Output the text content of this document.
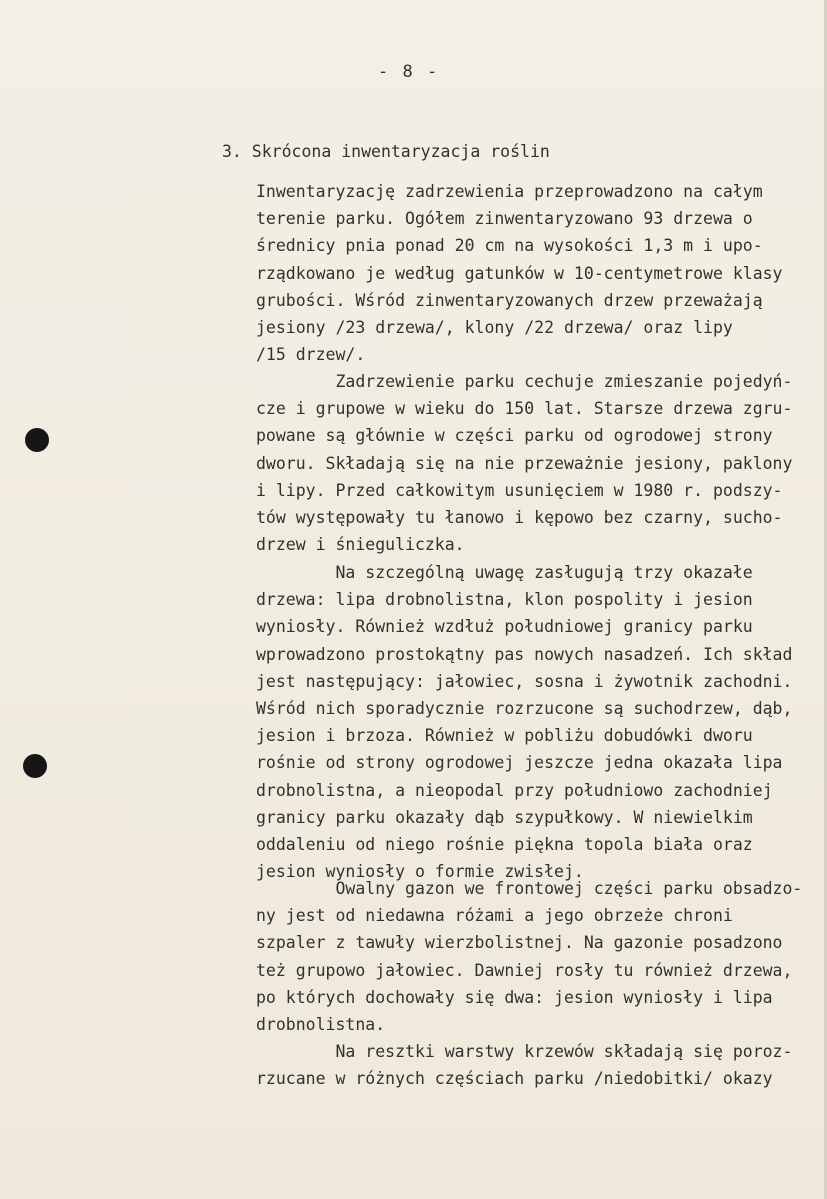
- 8 -
3. Skrócona inwentaryzacja roślin
Inwentaryzację zadrzewienia przeprowadzono na całym
terenie parku. Ogółem zinwentaryzowano 93 drzewa o
średnicy pnia ponad 20 cm na wysokości 1,3 m i upo-
rządkowano je według gatunków w 10-centymetrowe klasy
grubości. Wśród zinwentaryzowanych drzew przeważają
jesiony /23 drzewa/, klony /22 drzewa/ oraz lipy
/15 drzew/.
Zadrzewienie parku cechuje zmieszanie pojedyń-
cze i grupowe w wieku do 150 lat. Starsze drzewa zgru-
powane są głównie w części parku od ogrodowej strony
dworu. Składają się na nie przeważnie jesiony, paklony
i lipy. Przed całkowitym usunięciem w 1980 r. podszy-
tów występowały tu łanowo i kępowo bez czarny, sucho-
drzew i śnieguliczka.
Na szczególną uwagę zasługują trzy okazałe
drzewa: lipa drobnolistna, klon pospolity i jesion
wyniosły. Również wzdłuż południowej granicy parku
wprowadzono prostokątny pas nowych nasadzeń. Ich skład
jest następujący: jałowiec, sosna i żywotnik zachodni.
Wśród nich sporadycznie rozrzucone są suchodrzew, dąb,
jesion i brzoza. Również w pobliżu dobudówki dworu
rośnie od strony ogrodowej jeszcze jedna okazała lipa
drobnolistna, a nieopodal przy południowo zachodniej
granicy parku okazały dąb szypułkowy. W niewielkim
oddaleniu od niego rośnie piękna topola biała oraz
jesion wyniosły o formie zwisłej.
Owalny gazon we frontowej części parku obsadzo-
ny jest od niedawna różami a jego obrzeże chroni
szpaler z tawuły wierzbolistnej. Na gazonie posadzono
też grupowo jałowiec. Dawniej rosły tu również drzewa,
po których dochowały się dwa: jesion wyniosły i lipa
drobnolistna.
Na resztki warstwy krzewów składają się poroz-
rzucane w różnych częściach parku /niedobitki/ okazy
